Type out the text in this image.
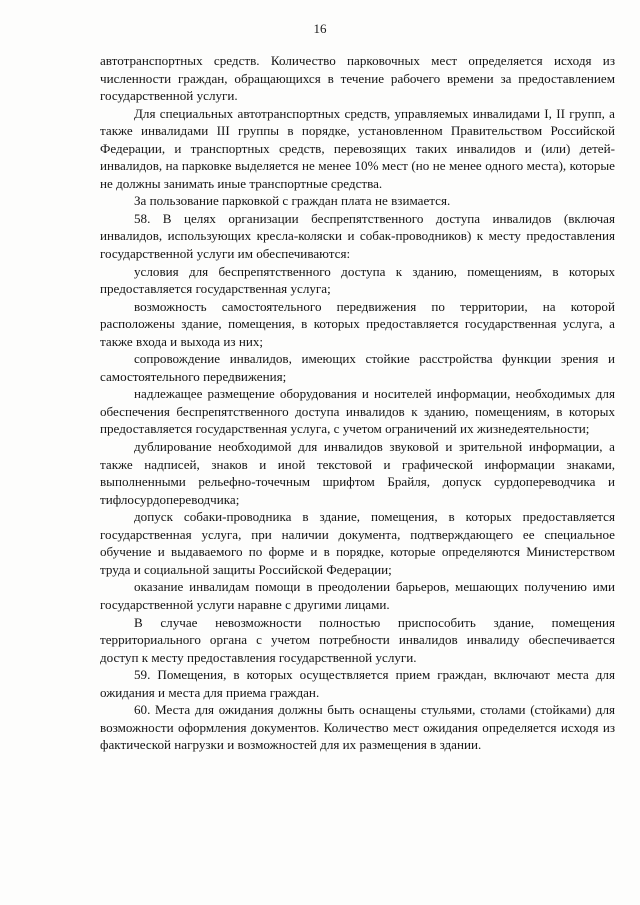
16

автотранспортных средств. Количество парковочных мест определяется исходя из численности граждан, обращающихся в течение рабочего времени за предоставлением государственной услуги.

Для специальных автотранспортных средств, управляемых инвалидами I, II групп, а также инвалидами III группы в порядке, установленном Правительством Российской Федерации, и транспортных средств, перевозящих таких инвалидов и (или) детей-инвалидов, на парковке выделяется не менее 10% мест (но не менее одного места), которые не должны занимать иные транспортные средства.

За пользование парковкой с граждан плата не взимается.

58. В целях организации беспрепятственного доступа инвалидов (включая инвалидов, использующих кресла-коляски и собак-проводников) к месту предоставления государственной услуги им обеспечиваются:

условия для беспрепятственного доступа к зданию, помещениям, в которых предоставляется государственная услуга;

возможность самостоятельного передвижения по территории, на которой расположены здание, помещения, в которых предоставляется государственная услуга, а также входа и выхода из них;

сопровождение инвалидов, имеющих стойкие расстройства функции зрения и самостоятельного передвижения;

надлежащее размещение оборудования и носителей информации, необходимых для обеспечения беспрепятственного доступа инвалидов к зданию, помещениям, в которых предоставляется государственная услуга, с учетом ограничений их жизнедеятельности;

дублирование необходимой для инвалидов звуковой и зрительной информации, а также надписей, знаков и иной текстовой и графической информации знаками, выполненными рельефно-точечным шрифтом Брайля, допуск сурдопереводчика и тифлосурдопереводчика;

допуск собаки-проводника в здание, помещения, в которых предоставляется государственная услуга, при наличии документа, подтверждающего ее специальное обучение и выдаваемого по форме и в порядке, которые определяются Министерством труда и социальной защиты Российской Федерации;

оказание инвалидам помощи в преодолении барьеров, мешающих получению ими государственной услуги наравне с другими лицами.

В случае невозможности полностью приспособить здание, помещения территориального органа с учетом потребности инвалидов инвалиду обеспечивается доступ к месту предоставления государственной услуги.

59. Помещения, в которых осуществляется прием граждан, включают места для ожидания и места для приема граждан.

60. Места для ожидания должны быть оснащены стульями, столами (стойками) для возможности оформления документов. Количество мест ожидания определяется исходя из фактической нагрузки и возможностей для их размещения в здании.
